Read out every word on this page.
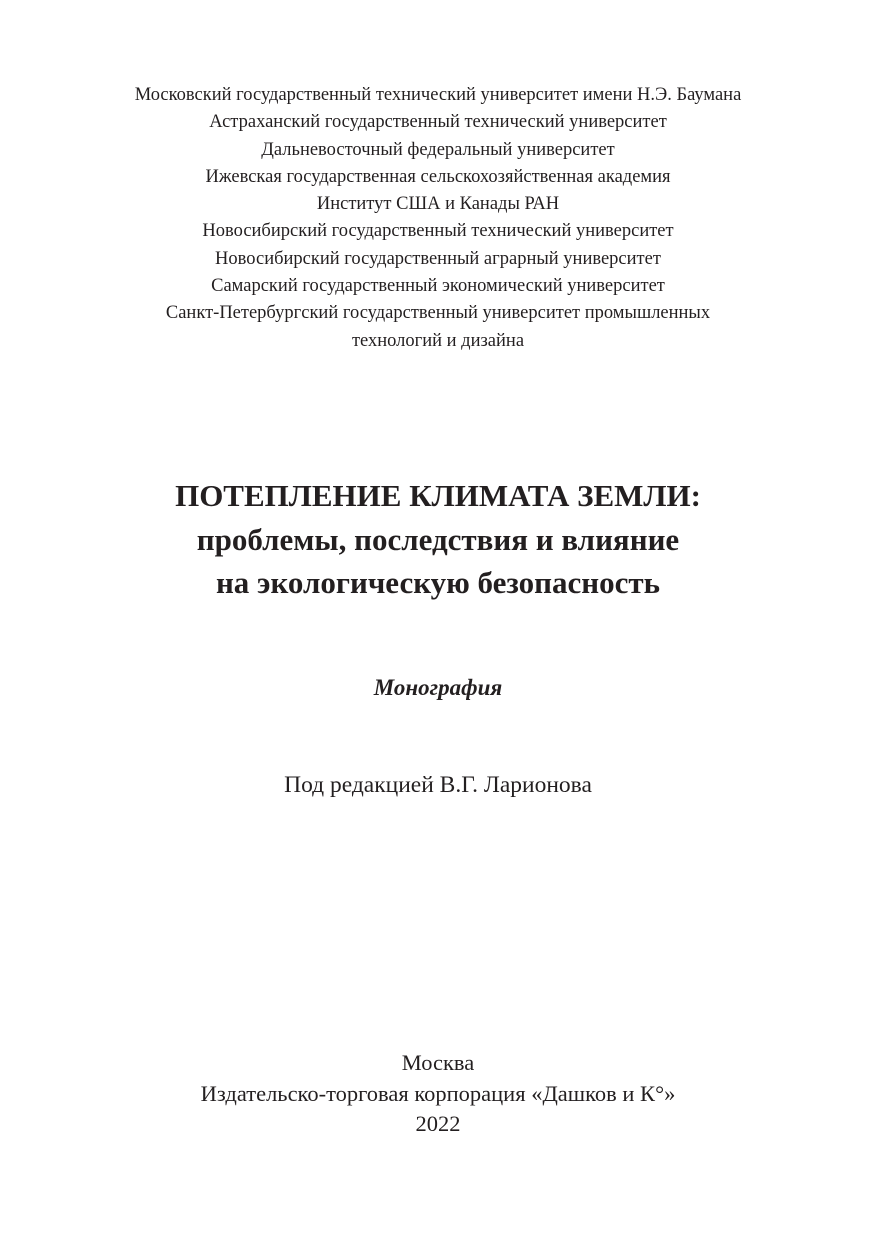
Московский государственный технический университет имени Н.Э. Баумана
Астраханский государственный технический университет
Дальневосточный федеральный университет
Ижевская государственная сельскохозяйственная академия
Институт США и Канады РАН
Новосибирский государственный технический университет
Новосибирский государственный аграрный университет
Самарский государственный экономический университет
Санкт-Петербургский государственный университет промышленных
технологий и дизайна
ПОТЕПЛЕНИЕ КЛИМАТА ЗЕМЛИ:
проблемы, последствия и влияние
на экологическую безопасность
Монография
Под редакцией В.Г. Ларионова
Москва
Издательско-торговая корпорация «Дашков и К°»
2022
